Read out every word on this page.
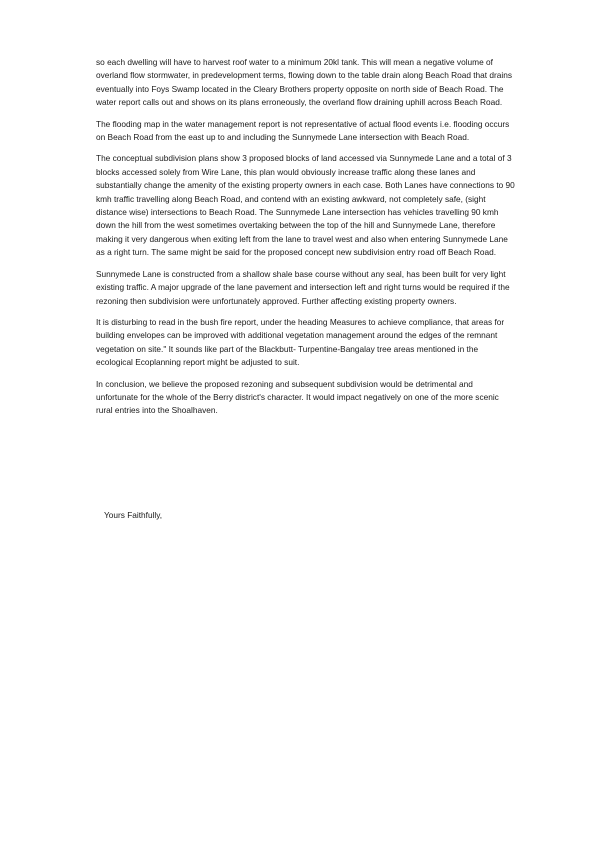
so each dwelling will have to harvest roof water to a minimum 20kl tank. This will mean a negative volume of overland flow stormwater, in predevelopment terms, flowing down to the table drain along Beach Road that drains eventually into Foys Swamp located in the Cleary Brothers property opposite on north side of Beach Road. The water report calls out and shows on its plans erroneously, the overland flow draining uphill across Beach Road.

The flooding map in the water management report is not representative of actual flood events i.e. flooding occurs on Beach Road from the east up to and including the Sunnymede Lane intersection with Beach Road.

The conceptual subdivision plans show 3 proposed blocks of land accessed via Sunnymede Lane and a total of 3 blocks accessed solely from Wire Lane, this plan would obviously increase traffic along these lanes and substantially change the amenity of the existing property owners in each case. Both Lanes have connections to 90 kmh traffic travelling along Beach Road, and contend with an existing awkward, not completely safe, (sight distance wise) intersections to Beach Road. The Sunnymede Lane intersection has vehicles travelling 90 kmh down the hill from the west sometimes overtaking between the top of the hill and Sunnymede Lane, therefore making it very dangerous when exiting left from the lane to travel west and also when entering Sunnymede Lane as a right turn. The same might be said for the proposed concept new subdivision entry road off Beach Road.

Sunnymede Lane is constructed from a shallow shale base course without any seal, has been built for very light existing traffic. A major upgrade of the lane pavement and intersection left and right turns would be required if the rezoning then subdivision were unfortunately approved. Further affecting existing property owners.

It is disturbing to read in the bush fire report, under the heading Measures to achieve compliance, that areas for building envelopes can be improved with additional vegetation management around the edges of the remnant vegetation on site." It sounds like part of the Blackbutt- Turpentine-Bangalay tree areas mentioned in the ecological Ecoplanning report might be adjusted to suit.

In conclusion, we believe the proposed rezoning and subsequent subdivision would be detrimental and unfortunate for the whole of the Berry district's character. It would impact negatively on one of the more scenic rural entries into the Shoalhaven.

Yours Faithfully,
